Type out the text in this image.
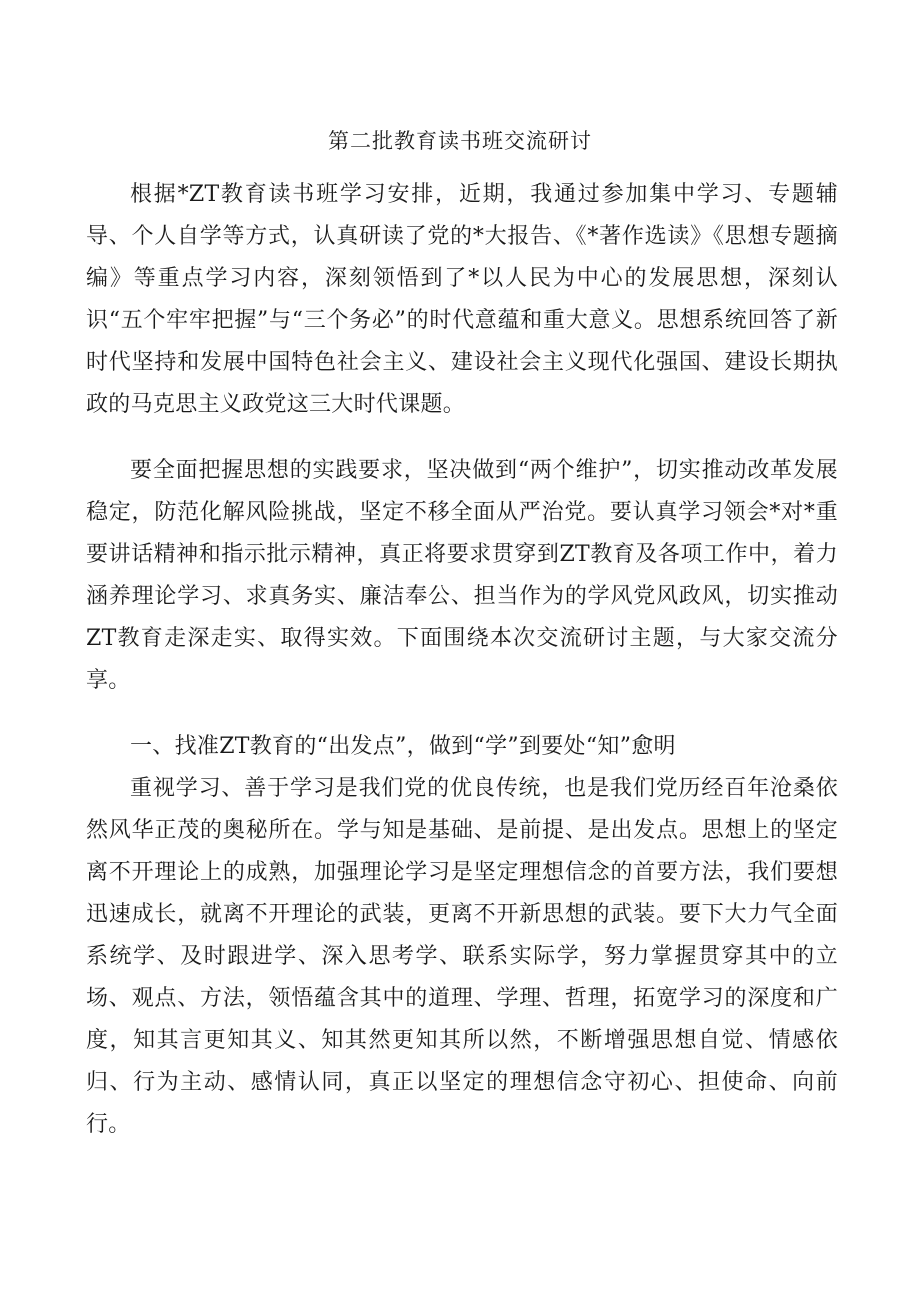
第二批教育读书班交流研讨

根据*ZT教育读书班学习安排，近期，我通过参加集中学习、专题辅导、个人自学等方式，认真研读了党的*大报告、《*著作选读》《思想专题摘编》等重点学习内容，深刻领悟到了*以人民为中心的发展思想，深刻认识“五个牢牢把握”与“三个务必”的时代意蕴和重大意义。思想系统回答了新时代坚持和发展中国特色社会主义、建设社会主义现代化强国、建设长期执政的马克思主义政党这三大时代课题。

要全面把握思想的实践要求，坚决做到“两个维护”，切实推动改革发展稳定，防范化解风险挑战，坚定不移全面从严治党。要认真学习领会*对*重要讲话精神和指示批示精神，真正将要求贯穿到ZT教育及各项工作中，着力涵养理论学习、求真务实、廉洁奉公、担当作为的学风党风政风，切实推动ZT教育走深走实、取得实效。下面围绕本次交流研讨主题，与大家交流分享。

一、找准ZT教育的“出发点”，做到“学”到要处“知”愈明

重视学习、善于学习是我们党的优良传统，也是我们党历经百年沧桑依然风华正茂的奥秘所在。学与知是基础、是前提、是出发点。思想上的坚定离不开理论上的成熟，加强理论学习是坚定理想信念的首要方法，我们要想迅速成长，就离不开理论的武装，更离不开新思想的武装。要下大力气全面系统学、及时跟进学、深入思考学、联系实际学，努力掌握贯穿其中的立场、观点、方法，领悟蕴含其中的道理、学理、哲理，拓宽学习的深度和广度，知其言更知其义、知其然更知其所以然，不断增强思想自觉、情感依归、行为主动、感情认同，真正以坚定的理想信念守初心、担使命、向前行。
